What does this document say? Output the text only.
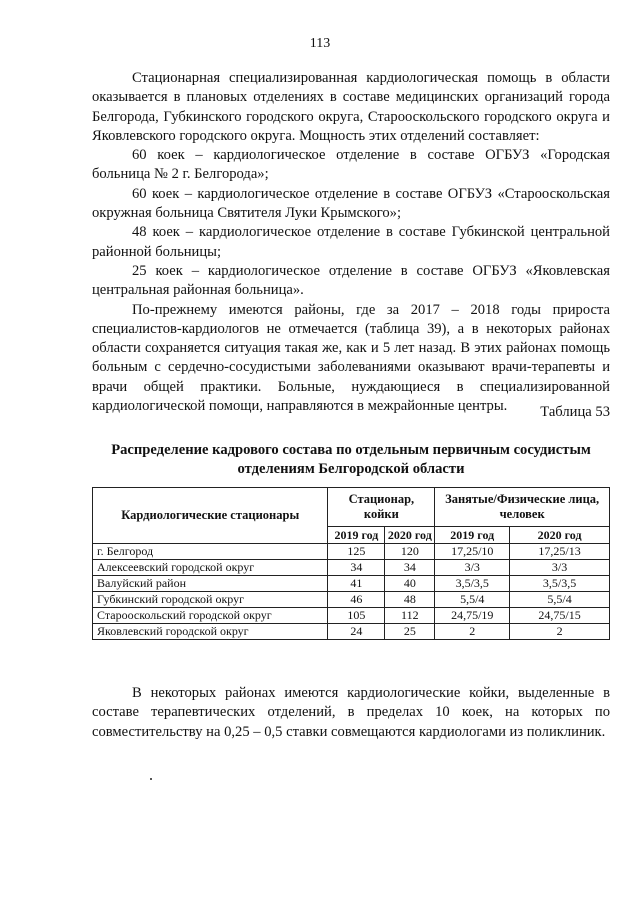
113

Стационарная специализированная кардиологическая помощь в области оказывается в плановых отделениях в составе медицинских организаций города Белгорода, Губкинского городского округа, Старооскольского городского округа и Яковлевского городского округа. Мощность этих отделений составляет:

60 коек – кардиологическое отделение в составе ОГБУЗ «Городская больница № 2 г. Белгорода»;

60 коек – кардиологическое отделение в составе ОГБУЗ «Старооскольская окружная больница Святителя Луки Крымского»;

48 коек – кардиологическое отделение в составе Губкинской центральной районной больницы;

25 коек – кардиологическое отделение в составе ОГБУЗ «Яковлевская центральная районная больница».

По-прежнему имеются районы, где за 2017 – 2018 годы прироста специалистов-кардиологов не отмечается (таблица 39), а в некоторых районах области сохраняется ситуация такая же, как и 5 лет назад. В этих районах помощь больным с сердечно-сосудистыми заболеваниями оказывают врачи-терапевты и врачи общей практики. Больные, нуждающиеся в специализированной кардиологической помощи, направляются в межрайонные центры.	Таблица 53
Распределение кадрового состава по отдельным первичным сосудистым
отделениям Белгородской области
Кардиологические стационары	Стационар, койки		Занятые/Физические лица, человек	
	2019 год	2020 год	2019 год	2020 год
г. Белгород	125	120	17,25/10	17,25/13
Алексеевский городской округ	34	34	3/3	3/3
Валуйский район	41	40	3,5/3,5	3,5/3,5
Губкинский городской округ	46	48	5,5/4	5,5/4
Старооскольский городской округ	105	112	24,75/19	24,75/15
Яковлевский городской округ	24	25	2	2

В некоторых районах имеются кардиологические койки, выделенные в составе терапевтических отделений, в пределах 10 коек, на которых по совместительству на 0,25 – 0,5 ставки совмещаются кардиологами из поликлиник.
